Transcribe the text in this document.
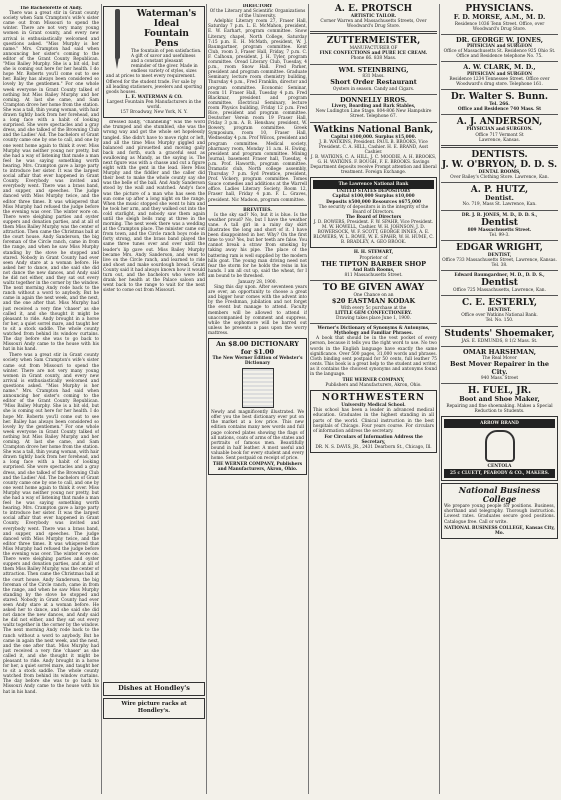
The Bachelorette of Andy.

There was a great stir in Grant county society when Sam Crampton's wife's sister came out from Missouri to spend the winter. There are not very many young women in Grant county, and every new arrival is enthusiastically welcomed and questions asked. "Miss Murphy is her name." Mrs. Crampton had said when announcing her sister's coming to the editor of the Grant County Republican. "Miss Bailey Murphy. She is a bit old, but she is coming out here for her health. I do hope Mr. Roberts you'll come out to see her. Bailey has always been considered so lovely by the gentlemen." For one whole week everyone in Grant County talked of nothing but Miss Bailey Murphy and her coming. At last she came, and Sam Crampton drove her home from the station. She was a tall, thin young woman, with hair drawn tightly back from her forehead, and a long face with a habit of looking surprised. She wore spectacles and a gray dress, and she talked of the Browning Club and the Ladies' Aid. The bachelors of Grant county came one by one to call, and one by one went home again to think it over. Miss Murphy was neither young nor pretty, but she had a way of listening that made a man feel he was saying something worth hearing. Mrs. Crampton gave a large party to introduce her sister. It was the largest social affair that ever happened in Grant County. Everybody was invited and everybody went. There was a brass band, and supper, and speeches. The judge danced with Miss Murphy twice, and the editor three times. It was whispered that Miss Murphy had refused the judge before the evening was over. The winter wore on. There were sleighing parties and oyster suppers and donation parties, and at all of them Miss Bailey Murphy was the center of attraction. Then came the Christmas ball at the court house. Andy Sanderson, the big foreman of the Circle ranch, came in from the range, and when he saw Miss Murphy standing by the stove he stopped and stared. Nobody in Grant County had ever seen Andy stare at a woman before. He asked her to dance, and she said she did not dance the new dances, and Andy said he did not either, and they sat out every waltz together in the corner by the window. The next morning Andy rode back to the ranch without a word to anybody. But he came in again the next week, and the next, and the one after that. Miss Murphy had just received a very fine 'chaser' as she called it, and she thought it might be pleasant to ride. Andy brought in a horse for her, a quiet sorrel mare, and taught her to sit a stock saddle. The whole county watched from behind its window curtains. The day before she was to go back to Missouri Andy came to the house with his hat in his hand.

There was a great stir in Grant county society when Sam Crampton's wife's sister came out from Missouri to spend the winter. There are not very many young women in Grant county, and every new arrival is enthusiastically welcomed and questions asked. "Miss Murphy is her name." Mrs. Crampton had said when announcing her sister's coming to the editor of the Grant County Republican. "Miss Bailey Murphy. She is a bit old, but she is coming out here for her health. I do hope Mr. Roberts you'll come out to see her. Bailey has always been considered so lovely by the gentlemen." For one whole week everyone in Grant County talked of nothing but Miss Bailey Murphy and her coming. At last she came, and Sam Crampton drove her home from the station. She was a tall, thin young woman, with hair drawn tightly back from her forehead, and a long face with a habit of looking surprised. She wore spectacles and a gray dress, and she talked of the Browning Club and the Ladies' Aid. The bachelors of Grant county came one by one to call, and one by one went home again to think it over. Miss Murphy was neither young nor pretty, but she had a way of listening that made a man feel he was saying something worth hearing. Mrs. Crampton gave a large party to introduce her sister. It was the largest social affair that ever happened in Grant County. Everybody was invited and everybody went. There was a brass band, and supper, and speeches. The judge danced with Miss Murphy twice, and the editor three times. It was whispered that Miss Murphy had refused the judge before the evening was over. The winter wore on. There were sleighing parties and oyster suppers and donation parties, and at all of them Miss Bailey Murphy was the center of attraction. Then came the Christmas ball at the court house. Andy Sanderson, the big foreman of the Circle ranch, came in from the range, and when he saw Miss Murphy standing by the stove he stopped and stared. Nobody in Grant County had ever seen Andy stare at a woman before. He asked her to dance, and she said she did not dance the new dances, and Andy said he did not either, and they sat out every waltz together in the corner by the window. The next morning Andy rode back to the ranch without a word to anybody. But he came in again the next week, and the next, and the one after that. Miss Murphy had just received a very fine 'chaser' as she called it, and she thought it might be pleasant to ride. Andy brought in a horse for her, a quiet sorrel mare, and taught her to sit a stock saddle. The whole county watched from behind its window curtains. The day before she was to go back to Missouri Andy came to the house with his hat in his hand.

Waterman's Ideal Fountain Pens
The fountain of pen satisfaction. A gift of savor and usefulness and a constant pleasant reminder of the giver. Made in endless variety of styles, sizes and at prices to meet every requirement. Offered for the student trade. For sale by all leading stationers, jewelers and sporting goods houses.
L. E. WATERMAN & CO.
Largest Fountain Pen Manufacturers in the world.
157 Broadway, New York, N. Y.

dressed badly, "channeling" was the word she trumped and she stumbled, she was the wrong way and got the whole set hopelessly tangled. She didn't have to move right or left, and all the time Miss Murphy giggled and balanced and pirouetted and moving gaily back and forth, such a graceful seat as swallowing as Mandy, as the saying is. The next figure was with a chasse and cut a figure eight with the gent in the lead. Here Miss Murphy and the fiddler and the caller did their best to make the whole county say she was the belle of the ball. And Andy Sanderson stood by the wall and watched. Andy's face was the picture of a man who has seen the sun come up after a long night on the range. When the music stopped she went to him and he took her arm, and they walked out into the cold starlight, and nobody saw them again until the sleigh bells rang at three in the morning. The next week there was a wedding at the Crampton place. The minister came out from town, and the Circle ranch boys rode in forty strong, and the brass band played the same three tunes over and over until the leader's lip gave out. Miss Bailey Murphy became Mrs. Andy Sanderson, and went to live on the Circle ranch, and learned to ride and shoot and make sourdough bread. Grant County said it had always known how it would turn out, and the bachelors who were left drank her health at the Palace saloon and went back to the range to wait for the next sister to come out from Missouri.

Dishes at Hondley's
Wire picture racks at Hondley's.
DIRECTORY
Of the Literary and Scientific Organizations of the University.

Adelphic Literary room 27, Fraser Hall, Saturday 7 p.m. L. E. McMahon, president, E. W. Earhart, program committee. Snow Literary, chapel, North College, Saturday 7:15 p.m. E. H. McMath, president, W. J. Baumgartner, program committee. Kent Club, room 3, Fraser Hall, Friday, 7 p.m. C. F. Calhoun, president, J. H. Tyler, program committee. Oread Literary Club, Tuesday, 4 p.m., room Snow Hall. Fred Parker, president and program committee. Graduate Seminary, lecture room chemistry building, Thursday 4 p.m., Fred Franklin, director and program committee. Economic Seminar, room 11 Fraser Hall, Tuesday 4 p.m. Fred Blackmar, president and program committee. Electrical Seminary, lecture room Physics building, Friday 12 p.m. Fred Rice, president and program committee. Deutscher Verein room 19 Fraser Hall, Friday 3 p.m. A. B. Henshaw, president, W. Bowery, program committee. Greek Symposium, room 10, Fraser Hall, Wednesday 4 p.m. Prof Wilcox, president and program committee. Medical society, pharmacy room, Monday 11 a.m. H. Ewing, president and program committee. Mining Journal, basement Fraser hall, Tuesday, 4 p.m. Prof. Haworth, program committee. Dramatic club, North college assembly, Thursday 7 p.m. Syd Prentice, president, Prof. Vickery, program committee. Tomes Sauce comedies and additions at the Warrell office. Ladies Literary Society, Room 12, Fraser hall, Friday 4 p.m. F. L. Graves, president. Nic Madson, program committee.

BREVITIES.

Is the sky sad? No, but it is blue. Is the weather proud? No, but I have the weather vane. A tall girl in a rainy day skirt illustrates the long and short of it. I have been disappointed in her. Why? On the first time to you? Yes, but her teeth are false. You cannot break a straw from smoking by taking away his pipe. The place of the battering ram is well supplied by the modern hills goat. The young man driving need not fear the storm for he holds the reins in his hands. I am all cut up, said the wheat, for I am bound to be threshed.

January 28, 1900.

Sing this day upon. After seventeen years are over, an opportunity to choose a great and bigger hour comes with the advent into by the Freshman, jubilation and not forget the event but manage to attend. Faculty members will be allowed to attend if unaccompanied by comment and suppress, while the sophomore will be barred out unless he presents a pass upon the worry mattress.

An $8.00 DICTIONARY for $1.00
The New Werner Edition of Webster's Dictionary

Newly and magnificently illustrated. We offer you the best dictionary ever put on the market at a low price. This new edition contains many new words and full page colored plates showing the flags of all nations, coats of arms of the states and portraits of famous men. Beautifully bound in half leather. A most useful and valuable book for every student and every home. Sent postpaid on receipt of price.

THE WERNER COMPANY, Publishers and Manufacturers, Akron, Ohio.
A. E. PROTSCH
ARTISTIC TAILOR.
Corner Warren and Massachusetts Streets, Over Woodward's Drug Store.
ZUTTERMEISTER,
MANUFACTURER OF
FINE CONFECTIONS and PURE ICE CREAM.
Phone 66. 838 Mass.
WM. STEINBRING,
831 Mass.
Short Order Restaurant
Oysters in season. Candy and Cigars.
DONNELLY BROS.
Livery, Boarding and Bark Stables,
New Ludington Line Stage. 804-806 New Hampshire Street. Telephone 67.
Watkins National Bank,
Capital $100,000. Surplus $15,000.
J. B. WATKINS, President. PAUL B. BROOKS, Vice President. C. A. HILL, Cashier. H. E. BRAND, Asst Cashier.
J. B. WATKINS, C. A. HILL, J. C. MOODIE, A. H. BROOKS, G. H. WATKINS. F. BOUGH, F. E. BROOKS. Savings Department deposits receive Prompt attention and liberal treatment. Foreign Exchange.
The Lawrence National Bank
UNITED STATES DEPOSITORY
Capital $100,000 Surplus $10,000
Deposits $500,000 Resources $675,000
The security of depositors is in the integrity of the Board of Directors.
The Board of Directors
J. D. BOWERS, President. F. W. SPAHR, Vice President. M. W. HOWELL, Cashier. W. H. JOHNSON, J. D. BOWERSOCK, W. F. SCOTT, GEORGE INNES, A. E. BLOWERS, W. L. ROWE, W. E. SPAHR, W. H. HUME, C. B. BRADLEY, A. GEO BROOK.
H. H. STEWART,
Proprietor of
THE TIPTON BARBER SHOP
And Bath Rooms,
811 Massachusetts Street.
TO BE GIVEN AWAY
One Chance on an
$20 EASTMAN KODAK
With every 5c purchase at the
LITTLE GEM CONFECTIONERY.
Drawing takes place June 1, 1900.
Werner's Dictionary of Synonyms & Antonyms,
Mythology and Familiar Phrases.

A book that should be in the vest pocket of every person, because it tells you the right word to use. No two words in the English language have exactly the same significance. Over 500 pages, 31,000 words and phrases. Cloth binding sent postpaid for 50 cents, full leather 75 cents. This book is a great help to the student and writer, as it contains the choicest synonyms and antonyms found in the language.

THE WERNER COMPANY,
Publishers and Manufacturers, Akron, Ohio.
NORTHWESTERN
University Medical School.

This school has been a leader in advanced medical education. Graduates in the highest standing in all parts of the world. Clinical instruction in the best hospitals of Chicago. Four years course. For circulars of information address the secretary.

For Circulars of Information Address the Secretary,
DR. N. S. DAVIS, JR., 2431 Dearborn St., Chicago, Ill.
PHYSICIANS.
F. D. MORSE, A.M., M. D.
Residence 1036 Tenn Street. Office, over Woodward's Drug Store.
DR. GEORGE W. JONES,
PHYSICIAN and SURGEON
Office of Massachusetts St. Residence 925 Ohio St. Office and Residence telephone No. 75.
A. W. CLARK, M. D.,
PHYSICIAN and SURGEON
Residence 1234 Tennessee Street. Office over Woodward's drug store. Telephone 161.
Dr. Walter S. Bunn.
Tel. 266.
Office and Residence 740 Mass. St
A. J. ANDERSON,
PHYSICIAN and SURGEON.
Office 717 Vermont St
Lawrence, Kansas.
DENTISTS.
J. W. O'BRYON, D. D. S.
DENTAL ROOMS,
Over Bailey's Clothing Store. Lawrence, Kan.
A. P. HUTZ,
Dentist.
No. 719, Mass St. Lawrence, Kan.
DR. J. B. JONES, M. D., D. D. S.,
Dentist
809 Massachusetts Street.
Tel. 99-3.
EDGAR WRIGHT,
DENTIST,
Office 733 Massachusetts Street, Lawrence, Kansas.
Tel. 38.
Edward Baumgardner, M. D., D. D. S.,
Dentist
Office 725 Massachusetts, Lawrence, Kan.
C. E. ESTERLY,
DENTIST.
Office over Watkins National Bank.
Tel. No. 150.
Students' Shoemaker,
JAS. E. EDMUNDS, 8 1/2 Mass. St.
OMAR HARSHMAN,
The Real Mover
Best Mover Repairer in the City.
940 Mass. Street
H. FUEL, JR.
Boot and Shoe Maker,
Repairing and fine shoemaking. Makes a Special Reduction to Students.
ARROW BRAND
CENTOLA
25 c CLUETT, PEABODY & CO., MAKERS.
National Business College

We prepare young people for positions. Business, shorthand and telegraphy. Thorough instruction. Lowest rates. Graduates secure good positions. Catalogue free. Call or write.

NATIONAL BUSINESS COLLEGE, Kansas City, Mo.
